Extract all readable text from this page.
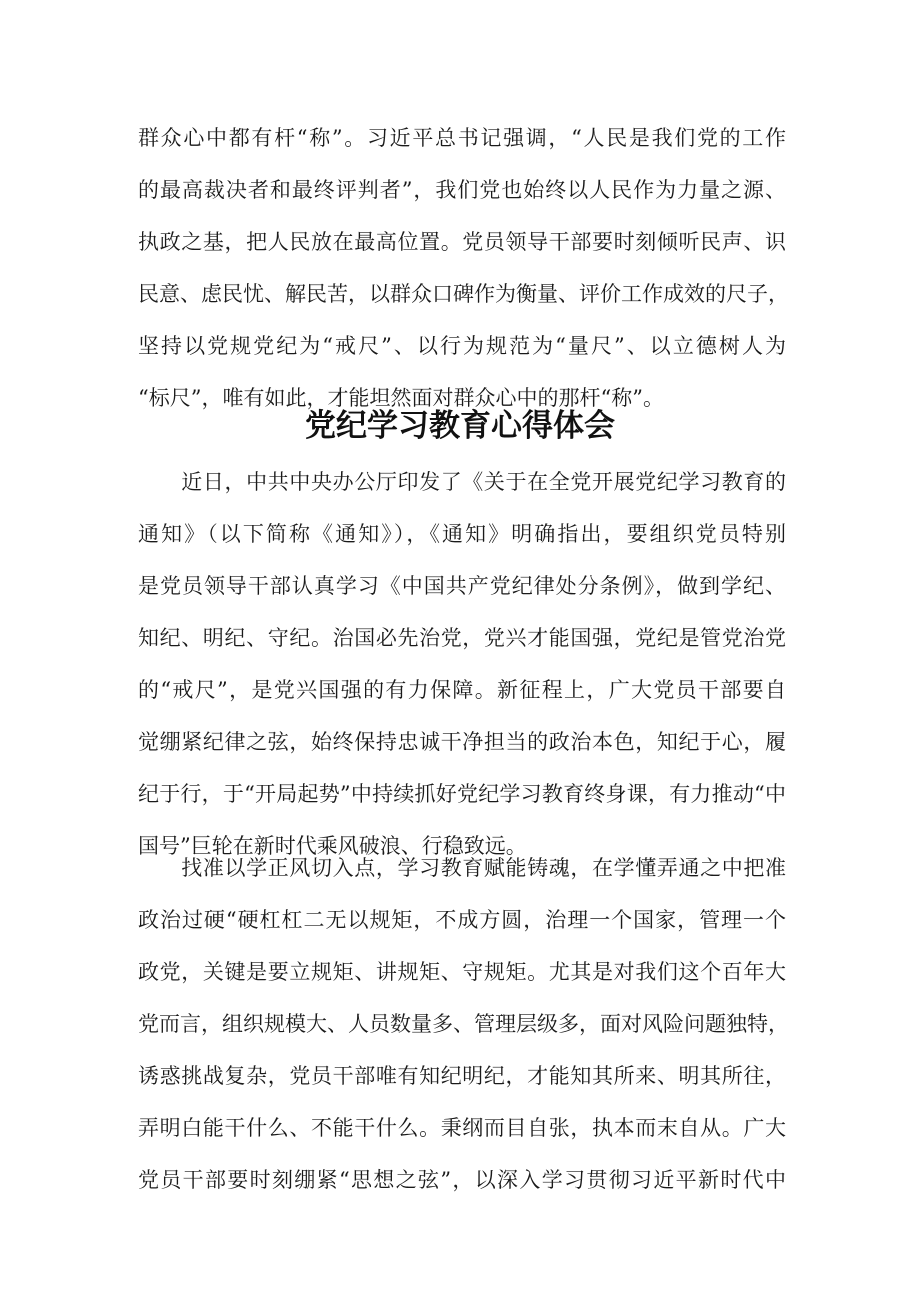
群众心中都有杆“称”。习近平总书记强调，“人民是我们党的工作
的最高裁决者和最终评判者”，我们党也始终以人民作为力量之源、
执政之基，把人民放在最高位置。党员领导干部要时刻倾听民声、识
民意、虑民忧、解民苦，以群众口碑作为衡量、评价工作成效的尺子，
坚持以党规党纪为“戒尺”、以行为规范为“量尺”、以立德树人为
“标尺”，唯有如此，才能坦然面对群众心中的那杆“称”。
党纪学习教育心得体会
　　近日，中共中央办公厅印发了《关于在全党开展党纪学习教育的
通知》（以下简称《通知》），《通知》明确指出，要组织党员特别
是党员领导干部认真学习《中国共产党纪律处分条例》，做到学纪、
知纪、明纪、守纪。治国必先治党，党兴才能国强，党纪是管党治党
的“戒尺”，是党兴国强的有力保障。新征程上，广大党员干部要自
觉绷紧纪律之弦，始终保持忠诚干净担当的政治本色，知纪于心，履
纪于行，于“开局起势”中持续抓好党纪学习教育终身课，有力推动“中
国号”巨轮在新时代乘风破浪、行稳致远。
　　找准以学正风切入点，学习教育赋能铸魂，在学懂弄通之中把准
政治过硬“硬杠杠二无以规矩，不成方圆，治理一个国家，管理一个
政党，关键是要立规矩、讲规矩、守规矩。尤其是对我们这个百年大
党而言，组织规模大、人员数量多、管理层级多，面对风险问题独特，
诱惑挑战复杂，党员干部唯有知纪明纪，才能知其所来、明其所往，
弄明白能干什么、不能干什么。秉纲而目自张，执本而末自从。广大
党员干部要时刻绷紧“思想之弦”，以深入学习贯彻习近平新时代中
